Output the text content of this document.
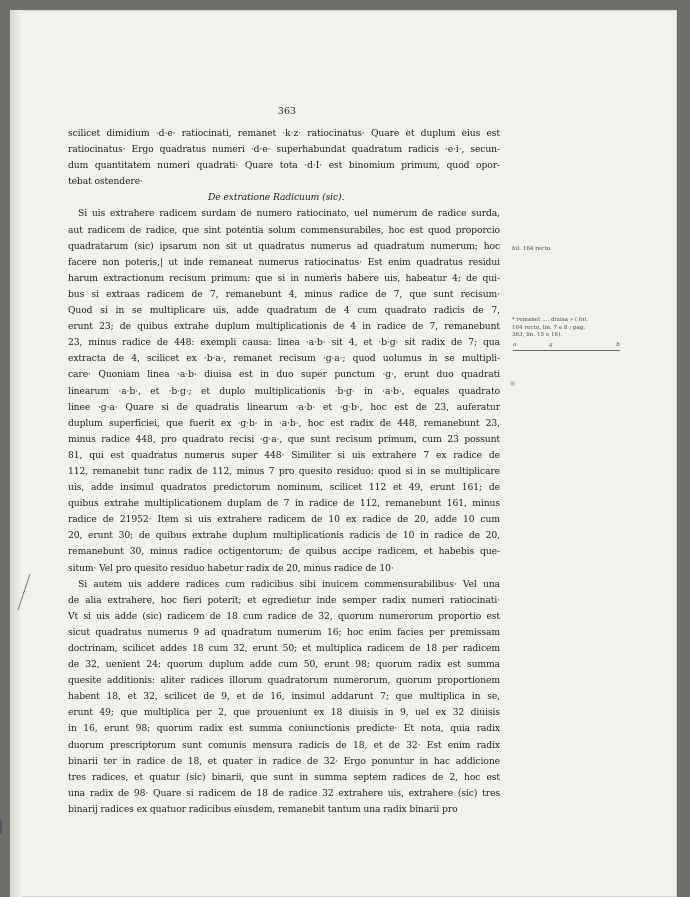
363
scilicet dimidium ·d·e· ratiocinati, remanet ·k·z· ratiocinatus· Quare et duplum eius est
ratiocinatus· Ergo quadratus numeri ·d·e· superhabundat quadratum radicis ·e·i·, secun-
dum quantitatem numeri quadrati· Quare tota ·d·I· est binomium primum, quod opor-
tebat ostendere·
De extratione Radicuum (sic).
Si uis extrahere radicem surdam de numero ratiocinato, uel numerum de radice surda,
aut radicem de radice, que sint potentia solum commensurabiles, hoc est quod proporcio
quadratarum (sic) ipsarum non sit ut quadratus numerus ad quadratum numerum; hoc
facere non poteris,| ut inde remaneat numerus ratiocinatus· Est enim quadratus residui
harum extractionum recisum primum: que si in numeris habere uis, habeatur 4; de qui-
bus si extraas radicem de 7, remanebunt 4, minus radice de 7, que sunt recisum·
Quod si in se multiplicare uis, adde quadratum de 4 cum quadrato radicis de 7,
erunt 23; de quibus extrahe duplum multiplicationis de 4 in radice de 7, remanebunt
23, minus radice de 448: exempli causa: linea ·a·b· sit 4, et ·b·g· sit radix de 7; qua
extracta de 4, scilicet ex ·b·a·, remanet recisum ·g·a·; quod uolumus in se multipli-
care· Quoniam linea ·a·b· diuisa est in duo super punctum ·g·, erunt duo quadrati
linearum ·a·b·, et ·b·g·; et duplo multiplicationis ·b·g· in ·a·b·, equales quadrato
linee ·g·a· Quare si de quadratis linearum ·a·b· et ·g·b·, hoc est de 23, auferatur
duplum superficiei, que fuerit ex ·g·b· in ·a·b·, hoc est radix de 448, remanebunt 23,
minus radice 448, pro quadrato recisi ·g·a·, que sunt recisum primum, cum 23 possunt
81, qui est quadratus numerus super 448· Similiter si uis extrahere 7 ex radice de
112, remanebit tunc radix de 112, minus 7 pro quesito residuo: quod si in se multiplicare
uis, adde insimul quadratos predictorum nominum, scilicet 112 et 49, erunt 161; de
quibus extrahe multiplicationem duplam de 7 in radice de 112, remanebunt 161, minus
radice de 21952· Item si uis extrahere radicem de 10 ex radice de 20, adde 10 cum
20, erunt 30; de quibus extrahe duplum multiplicationis radicis de 10 in radice de 20,
remanebunt 30, minus radice octigentorum; de quibus accipe radicem, et habebis que-
situm· Vel pro quesito residuo habetur radix de 20, minus radice de 10·
Si autem uis addere radices cum radicibus sibi inuicem commensurabilibus· Vel una
de alia extrahere, hoc fieri poterit; et egredietur inde semper radix numeri ratiocinati·
Vt si uis adde (sic) radicem de 18 cum radice de 32, quorum numerorum proportio est
sicut quadratus numerus 9 ad quadratum numerum 16; hoc enim facies per premissam
doctrinam, scilicet addes 18 cum 32, erunt 50; et multiplica radicem de 18 per radicem
de 32, uenient 24; quorum duplum adde cum 50, erunt 98; quorum radix est summa
quesite additionis: aliter radices illorum quadratorum numerorum, quorum proportionem
habent 18, et 32, scilicet de 9, et de 16, insimul addarunt 7; que multiplica in se,
erunt 49; que multiplica per 2, que proueniunt ex 18 diuisis in 9, uel ex 32 diuisis
in 16, erunt 98; quorum radix est summa coniunctionis predicte· Et nota, quia radix
duorum prescriptorum sunt comunis mensura radicis de 18, et de 32· Est enim radix
binarii ter in radice de 18, et quater in radice de 32· Ergo ponuntur in hac addicione
tres radices, et quatur (sic) binarii, que sunt in summa septem radices de 2, hoc est
una radix de 98· Quare si radicem de 18 de radice 32 extrahere uis, extrahere (sic) tres
binarij radices ex quatuor radicibus eiusdem, remanebit tantum una radix binarii pro
fol. 164 recto.
* remanet .... diuisa » ( fol.
164 recto, lin. 7 e 8 ; pag.
363, lin. 15 e 16).
a	g	b
